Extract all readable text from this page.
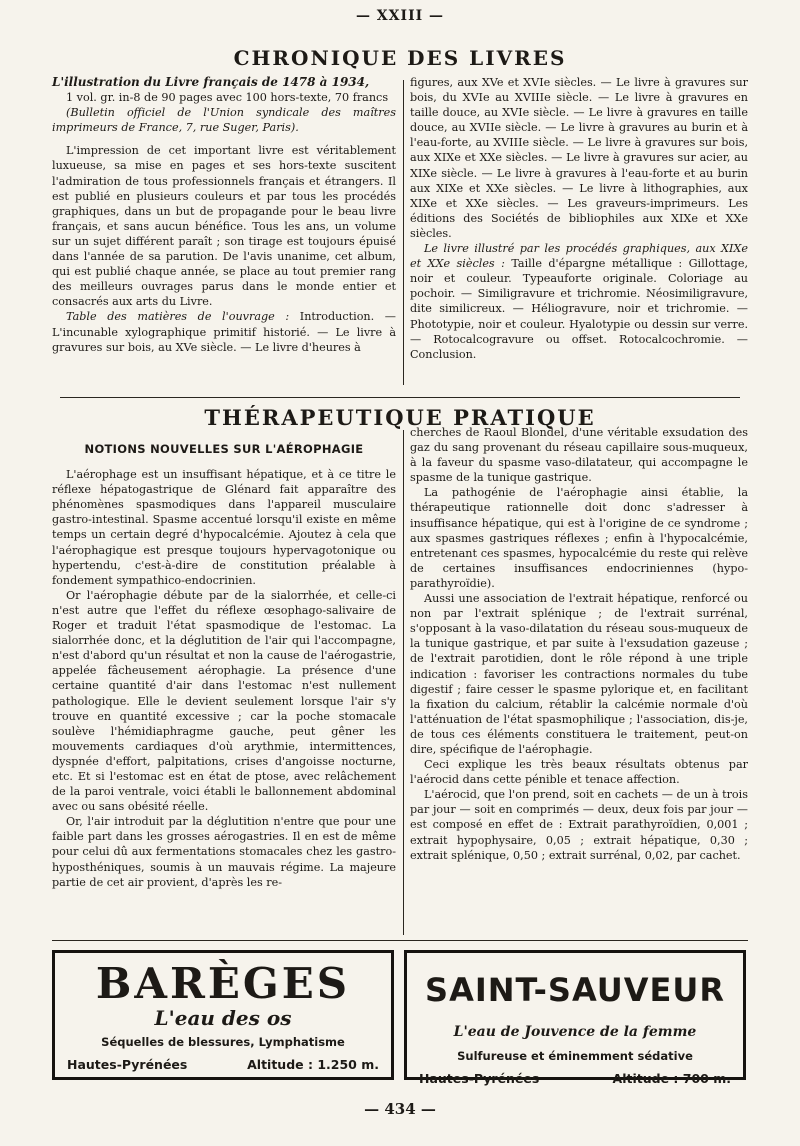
— XXIII —
CHRONIQUE DES LIVRES

L'illustration du Livre français de 1478 à 1934,

1 vol. gr. in-8 de 90 pages avec 100 hors-texte, 70 francs

(Bulletin officiel de l'Union syndicale des maîtres imprimeurs de France, 7, rue Suger, Paris).

L'impression de cet important livre est véritablement luxueuse, sa mise en pages et ses hors-texte suscitent l'admiration de tous professionnels français et étrangers. Il est publié en plusieurs couleurs et par tous les procédés graphiques, dans un but de propagande pour le beau livre français, et sans aucun bénéfice. Tous les ans, un volume sur un sujet différent paraît ; son tirage est toujours épuisé dans l'année de sa parution. De l'avis unanime, cet album, qui est publié chaque année, se place au tout premier rang des meilleurs ouvrages parus dans le monde entier et consacrés aux arts du Livre.

Table des matières de l'ouvrage : Introduction. — L'incunable xylographique primitif historié. — Le livre à gravures sur bois, au XVe siècle. — Le livre d'heures à

figures, aux XVe et XVIe siècles. — Le livre à gravures sur bois, du XVIe au XVIIIe siècle. — Le livre à gravures en taille douce, au XVIe siècle. — Le livre à gravures en taille douce, au XVIIe siècle. — Le livre à gravures au burin et à l'eau-forte, au XVIIIe siècle. — Le livre à gravures sur bois, aux XIXe et XXe siècles. — Le livre à gravures sur acier, au XIXe siècle. — Le livre à gravures à l'eau-forte et au burin aux XIXe et XXe siècles. — Le livre à lithographies, aux XIXe et XXe siècles. — Les graveurs-imprimeurs. Les éditions des Sociétés de bibliophiles aux XIXe et XXe siècles.

Le livre illustré par les procédés graphiques, aux XIXe et XXe siècles : Taille d'épargne métallique : Gillottage, noir et couleur. Typeauforte originale. Coloriage au pochoir. — Similigravure et trichromie. Néosimiligravure, dite similicreux. — Héliogravure, noir et trichromie. — Phototypie, noir et couleur. Hyalotypie ou dessin sur verre. — Rotocalcogravure ou offset. Rotocalcochromie. — Conclusion.

THÉRAPEUTIQUE PRATIQUE

NOTIONS NOUVELLES SUR L'AÉROPHAGIE

L'aérophage est un insuffisant hépatique, et à ce titre le réflexe hépatogastrique de Glénard fait apparaître des phénomènes spasmodiques dans l'appareil musculaire gastro-intestinal. Spasme accentué lorsqu'il existe en même temps un certain degré d'hypocalcémie. Ajoutez à cela que l'aérophagique est presque toujours hypervagotonique ou hypertendu, c'est-à-dire de constitution préalable à fondement sympathico-endocrinien.

Or l'aérophagie débute par de la sialorrhée, et celle-ci n'est autre que l'effet du réflexe œsophago-salivaire de Roger et traduit l'état spasmodique de l'estomac. La sialorrhée donc, et la déglutition de l'air qui l'accompagne, n'est d'abord qu'un résultat et non la cause de l'aérogastrie, appelée fâcheusement aérophagie. La présence d'une certaine quantité d'air dans l'estomac n'est nullement pathologique. Elle le devient seulement lorsque l'air s'y trouve en quantité excessive ; car la poche stomacale soulève l'hémidiaphragme gauche, peut gêner les mouvements cardiaques d'où arythmie, intermittences, dyspnée d'effort, palpitations, crises d'angoisse nocturne, etc. Et si l'estomac est en état de ptose, avec relâchement de la paroi ventrale, voici établi le ballonnement abdominal avec ou sans obésité réelle.

Or, l'air introduit par la déglutition n'entre que pour une faible part dans les grosses aérogastries. Il en est de même pour celui dû aux fermentations stomacales chez les gastro-hyposthéniques, soumis à un mauvais régime. La majeure partie de cet air provient, d'après les re-

cherches de Raoul Blondel, d'une véritable exsudation des gaz du sang provenant du réseau capillaire sous-muqueux, à la faveur du spasme vaso-dilatateur, qui accompagne le spasme de la tunique gastrique.

La pathogénie de l'aérophagie ainsi établie, la thérapeutique rationnelle doit donc s'adresser à insuffisance hépatique, qui est à l'origine de ce syndrome ; aux spasmes gastriques réflexes ; enfin à l'hypocalcémie, entretenant ces spasmes, hypocalcémie du reste qui relève de certaines insuffisances endocriniennes (hypo-parathyroïdie).

Aussi une association de l'extrait hépatique, renforcé ou non par l'extrait splénique ; de l'extrait surrénal, s'opposant à la vaso-dilatation du réseau sous-muqueux de la tunique gastrique, et par suite à l'exsudation gazeuse ; de l'extrait parotidien, dont le rôle répond à une triple indication : favoriser les contractions normales du tube digestif ; faire cesser le spasme pylorique et, en facilitant la fixation du calcium, rétablir la calcémie normale d'où l'atténuation de l'état spasmophilique ; l'association, dis-je, de tous ces éléments constituera le traitement, peut-on dire, spécifique de l'aérophagie.

Ceci explique les très beaux résultats obtenus par l'aérocid dans cette pénible et tenace affection.

L'aérocid, que l'on prend, soit en cachets — de un à trois par jour — soit en comprimés — deux, deux fois par jour — est composé en effet de : Extrait parathyroïdien, 0,001 ; extrait hypophysaire, 0,05 ; extrait hépatique, 0,30 ; extrait splénique, 0,50 ; extrait surrénal, 0,02, par cachet.

BARÈGES
L'eau des os
Séquelles de blessures, Lymphatisme
Hautes-Pyrénées	Altitude : 1.250 m.
SAINT-SAUVEUR
L'eau de Jouvence de la femme
Sulfureuse et éminemment sédative
Hautes-Pyrénées	Altitude : 700 m.
— 434 —
